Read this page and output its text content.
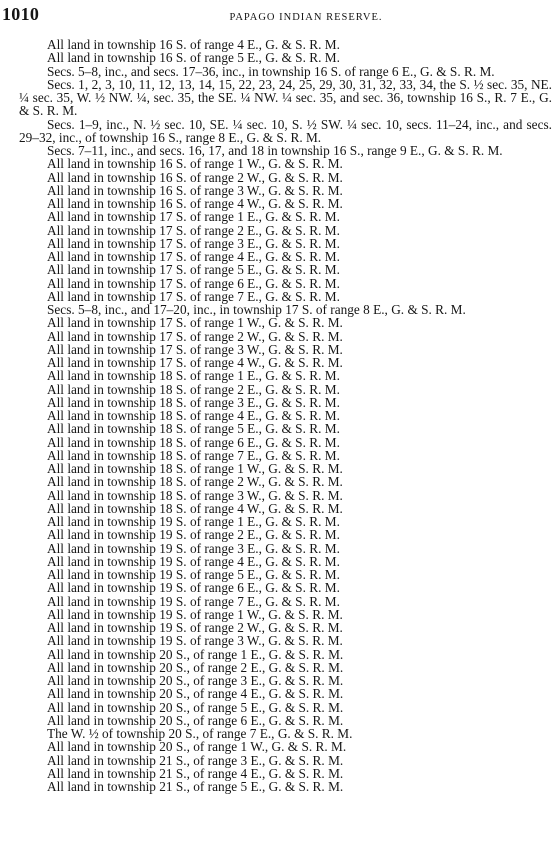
1010	PAPAGO INDIAN RESERVE.

All land in township 16 S. of range 4 E., G. & S. R. M.

All land in township 16 S. of range 5 E., G. & S. R. M.

Secs. 5–8, inc., and secs. 17–36, inc., in township 16 S. of range 6 E., G. & S. R. M.

Secs. 1, 2, 3, 10, 11, 12, 13, 14, 15, 22, 23, 24, 25, 29, 30, 31, 32, 33, 34, the S. ½ sec. 35, NE. ¼ sec. 35, W. ½ NW. ¼, sec. 35, the SE. ¼ NW. ¼ sec. 35, and sec. 36, township 16 S., R. 7 E., G. & S. R. M.

Secs. 1–9, inc., N. ½ sec. 10, SE. ¼ sec. 10, S. ½ SW. ¼ sec. 10, secs. 11–24, inc., and secs. 29–32, inc., of township 16 S., range 8 E., G. & S. R. M.

Secs. 7–11, inc., and secs. 16, 17, and 18 in township 16 S., range 9 E., G. & S. R. M.

All land in township 16 S. of range 1 W., G. & S. R. M.

All land in township 16 S. of range 2 W., G. & S. R. M.

All land in township 16 S. of range 3 W., G. & S. R. M.

All land in township 16 S. of range 4 W., G. & S. R. M.

All land in township 17 S. of range 1 E., G. & S. R. M.

All land in township 17 S. of range 2 E., G. & S. R. M.

All land in township 17 S. of range 3 E., G. & S. R. M.

All land in township 17 S. of range 4 E., G. & S. R. M.

All land in township 17 S. of range 5 E., G. & S. R. M.

All land in township 17 S. of range 6 E., G. & S. R. M.

All land in township 17 S. of range 7 E., G. & S. R. M.

Secs. 5–8, inc., and 17–20, inc., in township 17 S. of range 8 E., G. & S. R. M.

All land in township 17 S. of range 1 W., G. & S. R. M.

All land in township 17 S. of range 2 W., G. & S. R. M.

All land in township 17 S. of range 3 W., G. & S. R. M.

All land in township 17 S. of range 4 W., G. & S. R. M.

All land in township 18 S. of range 1 E., G. & S. R. M.

All land in township 18 S. of range 2 E., G. & S. R. M.

All land in township 18 S. of range 3 E., G. & S. R. M.

All land in township 18 S. of range 4 E., G. & S. R. M.

All land in township 18 S. of range 5 E., G. & S. R. M.

All land in township 18 S. of range 6 E., G. & S. R. M.

All land in township 18 S. of range 7 E., G. & S. R. M.

All land in township 18 S. of range 1 W., G. & S. R. M.

All land in township 18 S. of range 2 W., G. & S. R. M.

All land in township 18 S. of range 3 W., G. & S. R. M.

All land in township 18 S. of range 4 W., G. & S. R. M.

All land in township 19 S. of range 1 E., G. & S. R. M.

All land in township 19 S. of range 2 E., G. & S. R. M.

All land in township 19 S. of range 3 E., G. & S. R. M.

All land in township 19 S. of range 4 E., G. & S. R. M.

All land in township 19 S. of range 5 E., G. & S. R. M.

All land in township 19 S. of range 6 E., G. & S. R. M.

All land in township 19 S. of range 7 E., G. & S. R. M.

All land in township 19 S. of range 1 W., G. & S. R. M.

All land in township 19 S. of range 2 W., G. & S. R. M.

All land in township 19 S. of range 3 W., G. & S. R. M.

All land in township 20 S., of range 1 E., G. & S. R. M.

All land in township 20 S., of range 2 E., G. & S. R. M.

All land in township 20 S., of range 3 E., G. & S. R. M.

All land in township 20 S., of range 4 E., G. & S. R. M.

All land in township 20 S., of range 5 E., G. & S. R. M.

All land in township 20 S., of range 6 E., G. & S. R. M.

The W. ½ of township 20 S., of range 7 E., G. & S. R. M.

All land in township 20 S., of range 1 W., G. & S. R. M.

All land in township 21 S., of range 3 E., G. & S. R. M.

All land in township 21 S., of range 4 E., G. & S. R. M.

All land in township 21 S., of range 5 E., G. & S. R. M.
